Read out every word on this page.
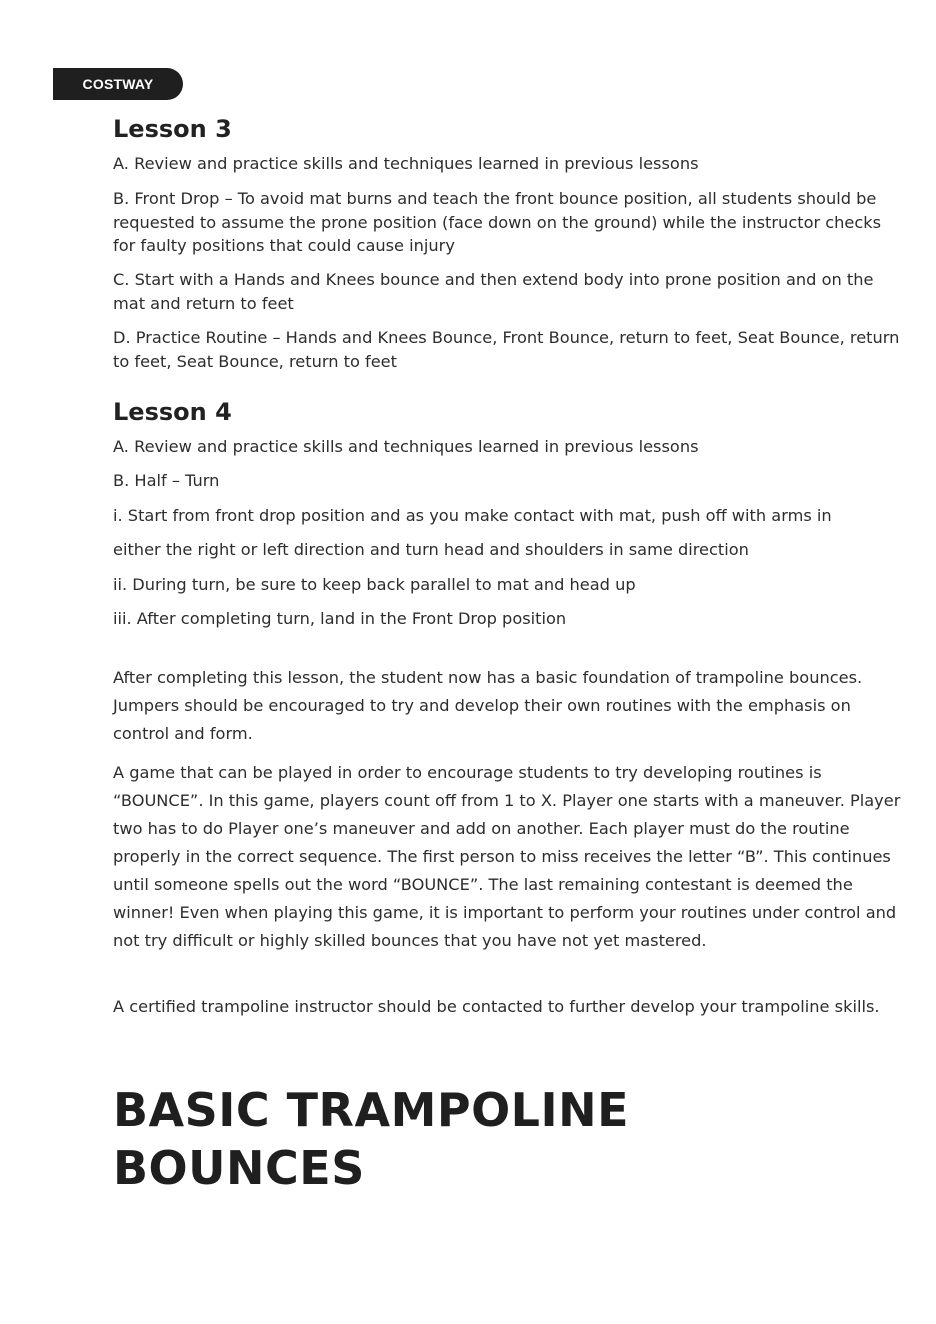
COSTWAY
Lesson 3

A. Review and practice skills and techniques learned in previous lessons

B. Front Drop – To avoid mat burns and teach the front bounce position, all students should be requested to assume the prone position (face down on the ground) while the instructor checks for faulty positions that could cause injury

C. Start with a Hands and Knees bounce and then extend body into prone position and on the mat and return to feet

D. Practice Routine – Hands and Knees Bounce, Front Bounce, return to feet, Seat Bounce, return to feet, Seat Bounce, return to feet

Lesson 4

A. Review and practice skills and techniques learned in previous lessons

B. Half – Turn

i. Start from front drop position and as you make contact with mat, push off with arms in

either the right or left direction and turn head and shoulders in same direction

ii. During turn, be sure to keep back parallel to mat and head up

iii. After completing turn, land in the Front Drop position

After completing this lesson, the student now has a basic foundation of trampoline bounces. Jumpers should be encouraged to try and develop their own routines with the emphasis on control and form.

A game that can be played in order to encourage students to try developing routines is “BOUNCE”. In this game, players count off from 1 to X. Player one starts with a maneuver. Player two has to do Player one’s maneuver and add on another. Each player must do the routine properly in the correct sequence. The first person to miss receives the letter “B”. This continues until someone spells out the word “BOUNCE”. The last remaining contestant is deemed the winner! Even when playing this game, it is important to perform your routines under control and not try difficult or highly skilled bounces that you have not yet mastered.

A certified trampoline instructor should be contacted to further develop your trampoline skills.

BASIC TRAMPOLINE
BOUNCES
